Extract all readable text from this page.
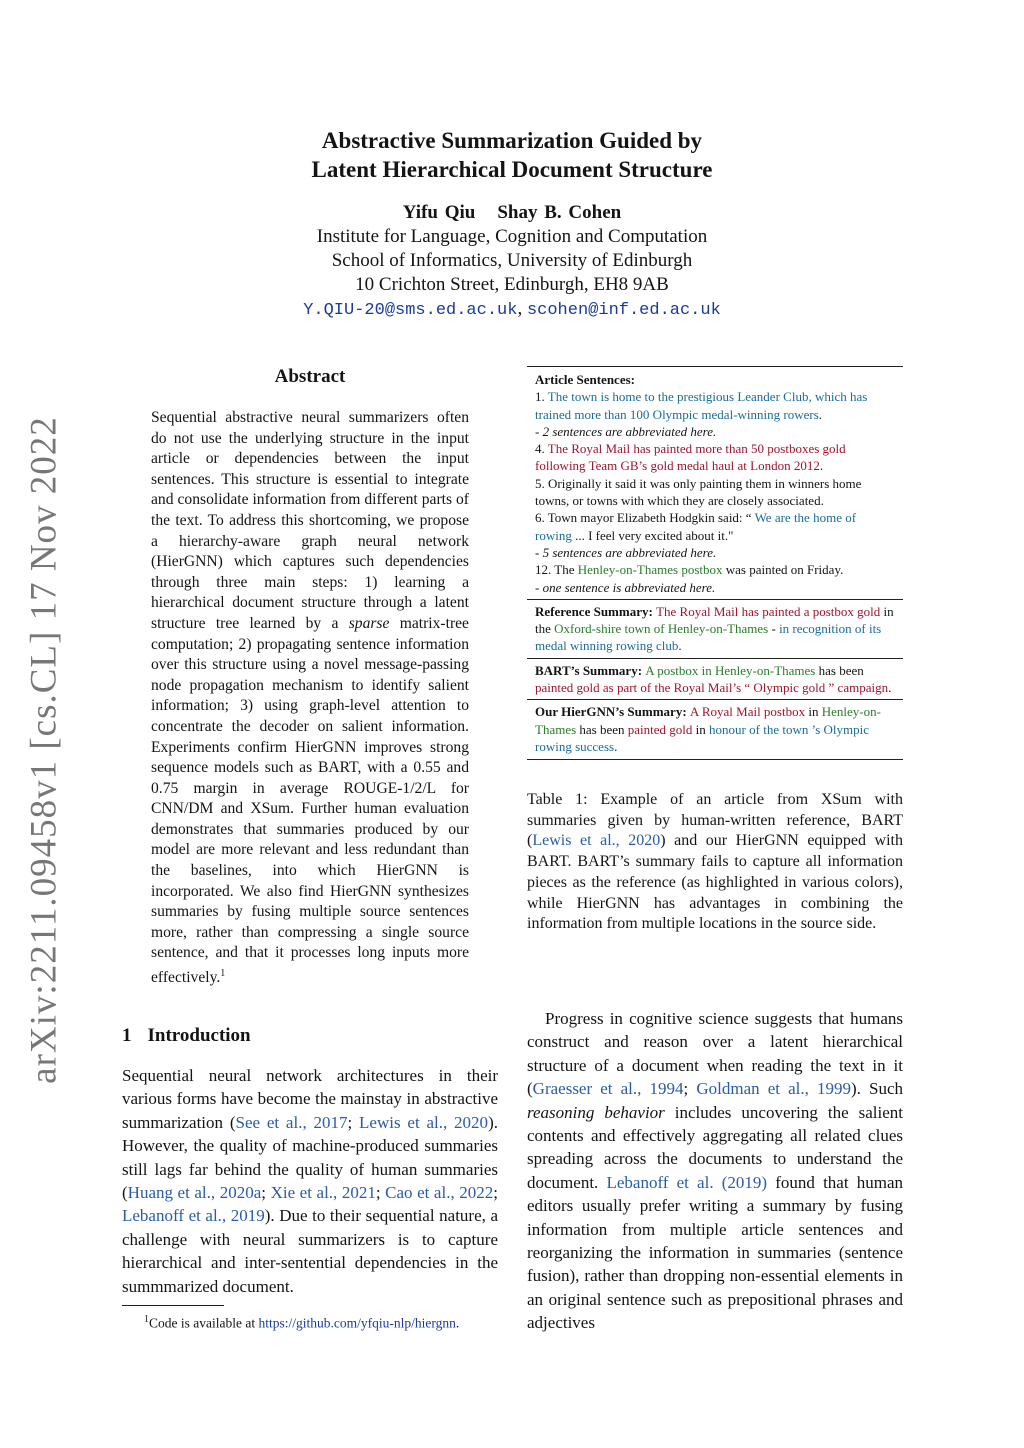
arXiv:2211.09458v1 [cs.CL] 17 Nov 2022
Abstractive Summarization Guided by
Latent Hierarchical Document Structure
Yifu Qiu Shay B. Cohen
Institute for Language, Cognition and Computation
School of Informatics, University of Edinburgh
10 Crichton Street, Edinburgh, EH8 9AB
Y.QIU-20@sms.ed.ac.uk, scohen@inf.ed.ac.uk
Abstract
Sequential abstractive neural summarizers often do not use the underlying structure in the input article or dependencies between the input sentences. This structure is essential to integrate and consolidate information from different parts of the text. To address this shortcoming, we propose a hierarchy-aware graph neural network (HierGNN) which captures such dependencies through three main steps: 1) learning a hierarchical document structure through a latent structure tree learned by a sparse matrix-tree computation; 2) propagating sentence information over this structure using a novel message-passing node propagation mechanism to identify salient information; 3) using graph-level attention to concentrate the decoder on salient information. Experiments confirm HierGNN improves strong sequence models such as BART, with a 0.55 and 0.75 margin in average ROUGE-1/2/L for CNN/DM and XSum. Further human evaluation demonstrates that summaries produced by our model are more relevant and less redundant than the baselines, into which HierGNN is incorporated. We also find HierGNN synthesizes summaries by fusing multiple source sentences more, rather than compressing a single source sentence, and that it processes long inputs more effectively.$^1$
1 Introduction
Sequential neural network architectures in their various forms have become the mainstay in abstractive summarization (See et al., 2017; Lewis et al., 2020). However, the quality of machine-produced summaries still lags far behind the quality of human summaries (Huang et al., 2020a; Xie et al., 2021; Cao et al., 2022; Lebanoff et al., 2019). Due to their sequential nature, a challenge with neural summarizers is to capture hierarchical and inter-sentential dependencies in the summmarized document.
$^1$Code is available at https://github.com/yfqiu-nlp/hiergnn.
Article Sentences:
1. The town is home to the prestigious Leander Club, which has trained more than 100 Olympic medal-winning rowers.
- 2 sentences are abbreviated here.
4. The Royal Mail has painted more than 50 postboxes gold following Team GB’s gold medal haul at London 2012.
5. Originally it said it was only painting them in winners home towns, or towns with which they are closely associated.
6. Town mayor Elizabeth Hodgkin said: “ We are the home of rowing ... I feel very excited about it."
- 5 sentences are abbreviated here.
12. The Henley-on-Thames postbox was painted on Friday.
- one sentence is abbreviated here.
Reference Summary: The Royal Mail has painted a postbox gold in the Oxford-shire town of Henley-on-Thames - in recognition of its medal winning rowing club.
BART’s Summary: A postbox in Henley-on-Thames has been painted gold as part of the Royal Mail’s “ Olympic gold ” campaign.
Our HierGNN’s Summary: A Royal Mail postbox in Henley-on-Thames has been painted gold in honour of the town ’s Olympic rowing success.
Table 1: Example of an article from XSum with summaries given by human-written reference, BART (Lewis et al., 2020) and our HierGNN equipped with BART. BART’s summary fails to capture all information pieces as the reference (as highlighted in various colors), while HierGNN has advantages in combining the information from multiple locations in the source side.
Progress in cognitive science suggests that humans construct and reason over a latent hierarchical structure of a document when reading the text in it (Graesser et al., 1994; Goldman et al., 1999). Such reasoning behavior includes uncovering the salient contents and effectively aggregating all related clues spreading across the documents to understand the document. Lebanoff et al. (2019) found that human editors usually prefer writing a summary by fusing information from multiple article sentences and reorganizing the information in summaries (sentence fusion), rather than dropping non-essential elements in an original sentence such as prepositional phrases and adjectives
